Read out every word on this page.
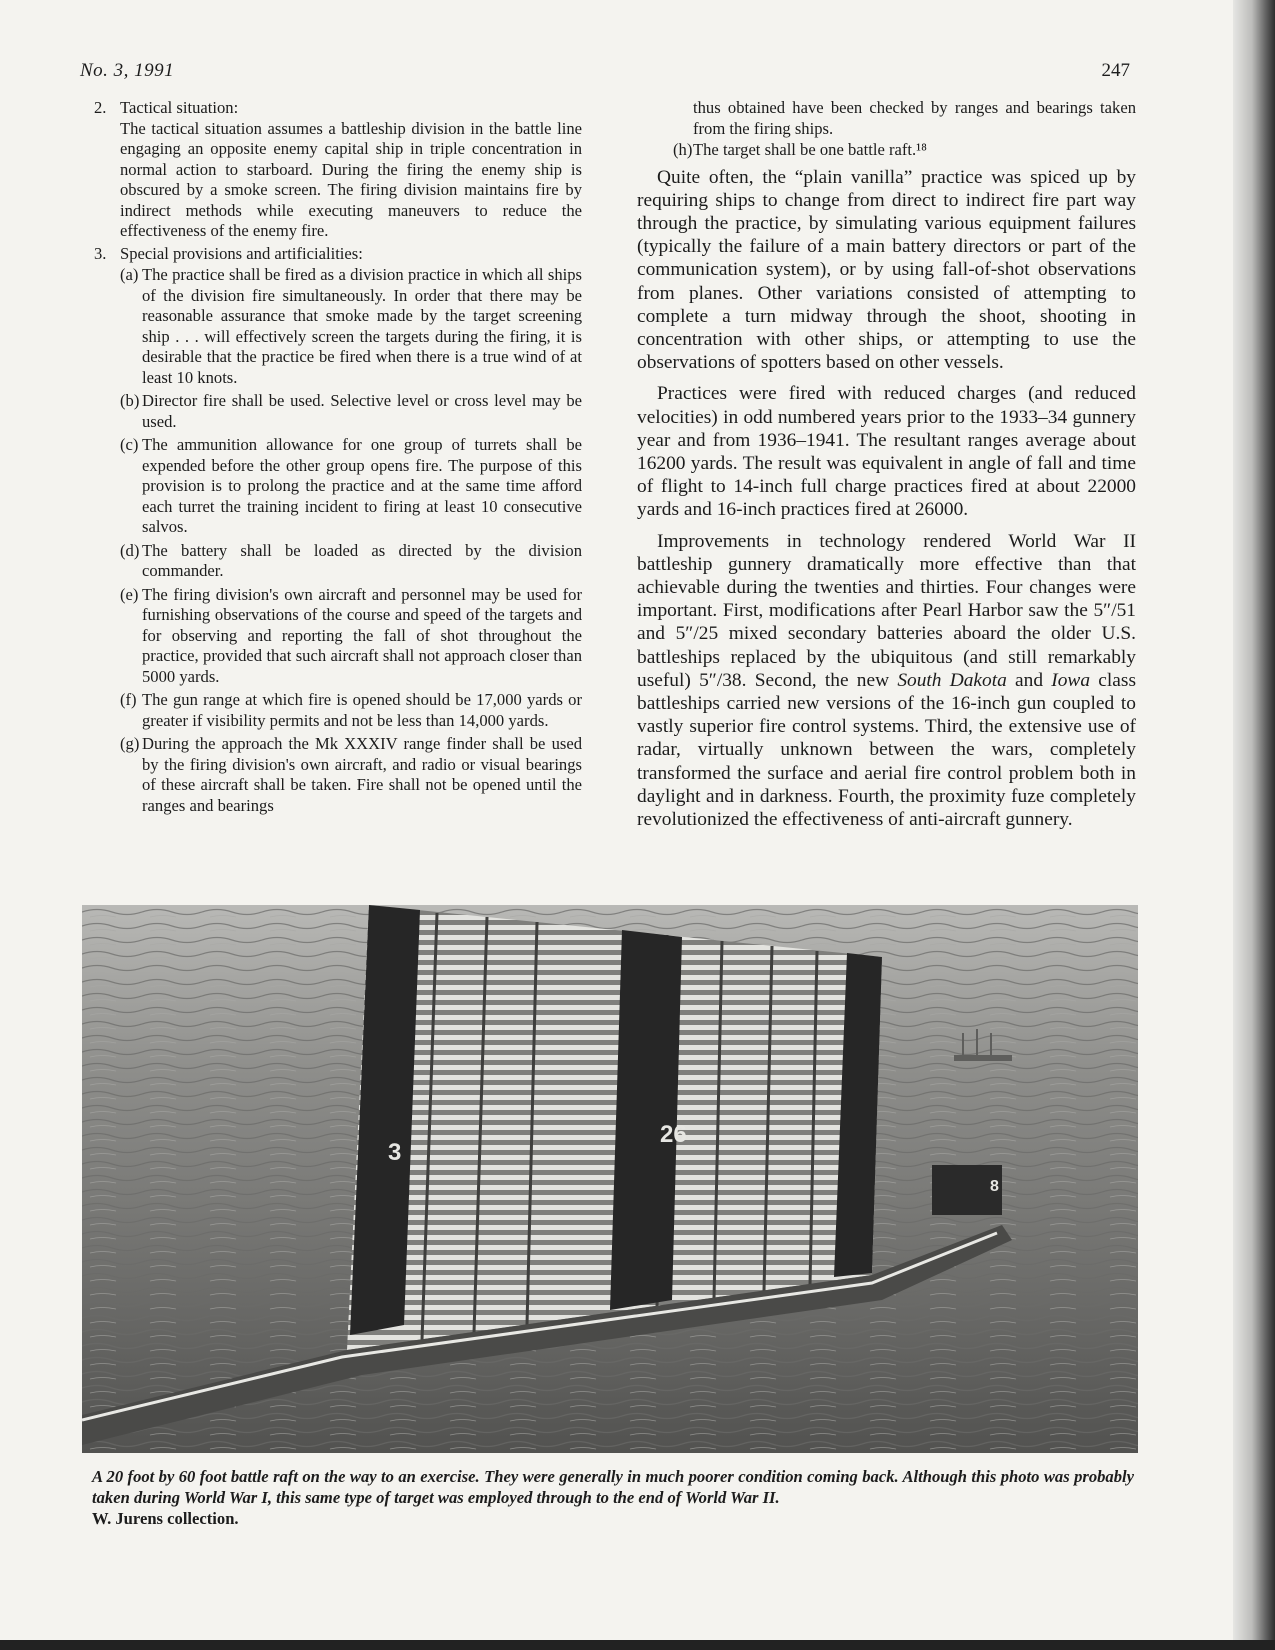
No. 3, 1991	247
2. Tactical situation:

The tactical situation assumes a battleship division in the battle line engaging an opposite enemy capital ship in triple concentration in normal action to starboard. During the firing the enemy ship is obscured by a smoke screen. The firing division maintains fire by indirect methods while executing maneuvers to reduce the effectiveness of the enemy fire.

3. Special provisions and artificialities:
(a) The practice shall be fired as a division practice in which all ships of the division fire simultaneously. In order that there may be reasonable assurance that smoke made by the target screening ship . . . will effectively screen the targets during the firing, it is desirable that the practice be fired when there is a true wind of at least 10 knots.
(b) Director fire shall be used. Selective level or cross level may be used.
(c) The ammunition allowance for one group of turrets shall be expended before the other group opens fire. The purpose of this provision is to prolong the practice and at the same time afford each turret the training incident to firing at least 10 consecutive salvos.
(d) The battery shall be loaded as directed by the division commander.
(e) The firing division's own aircraft and personnel may be used for furnishing observations of the course and speed of the targets and for observing and reporting the fall of shot throughout the practice, provided that such aircraft shall not approach closer than 5000 yards.
(f) The gun range at which fire is opened should be 17,000 yards or greater if visibility permits and not be less than 14,000 yards.
(g) During the approach the Mk XXXIV range finder shall be used by the firing division's own aircraft, and radio or visual bearings of these aircraft shall be taken. Fire shall not be opened until the ranges and bearings
thus obtained have been checked by ranges and bearings taken from the firing ships.
(h) The target shall be one battle raft.¹⁸

Quite often, the “plain vanilla” practice was spiced up by requiring ships to change from direct to indirect fire part way through the practice, by simulating various equipment failures (typically the failure of a main battery directors or part of the communication system), or by using fall-of-shot observations from planes. Other variations consisted of attempting to complete a turn midway through the shoot, shooting in concentration with other ships, or attempting to use the observations of spotters based on other vessels.

Practices were fired with reduced charges (and reduced velocities) in odd numbered years prior to the 1933–34 gunnery year and from 1936–1941. The resultant ranges average about 16200 yards. The result was equivalent in angle of fall and time of flight to 14-inch full charge practices fired at about 22000 yards and 16-inch practices fired at 26000.

Improvements in technology rendered World War II battleship gunnery dramatically more effective than that achievable during the twenties and thirties. Four changes were important. First, modifications after Pearl Harbor saw the 5″/51 and 5″/25 mixed secondary batteries aboard the older U.S. battleships replaced by the ubiquitous (and still remarkably useful) 5″/38. Second, the new South Dakota and Iowa class battleships carried new versions of the 16-inch gun coupled to vastly superior fire control systems. Third, the extensive use of radar, virtually unknown between the wars, completely transformed the surface and aerial fire control problem both in daylight and in darkness. Fourth, the proximity fuze completely revolutionized the effectiveness of anti-aircraft gunnery.

3
26
8
A 20 foot by 60 foot battle raft on the way to an exercise. They were generally in much poorer condition coming back. Although this photo was probably taken during World War I, this same type of target was employed through to the end of World War II.
W. Jurens collection.
